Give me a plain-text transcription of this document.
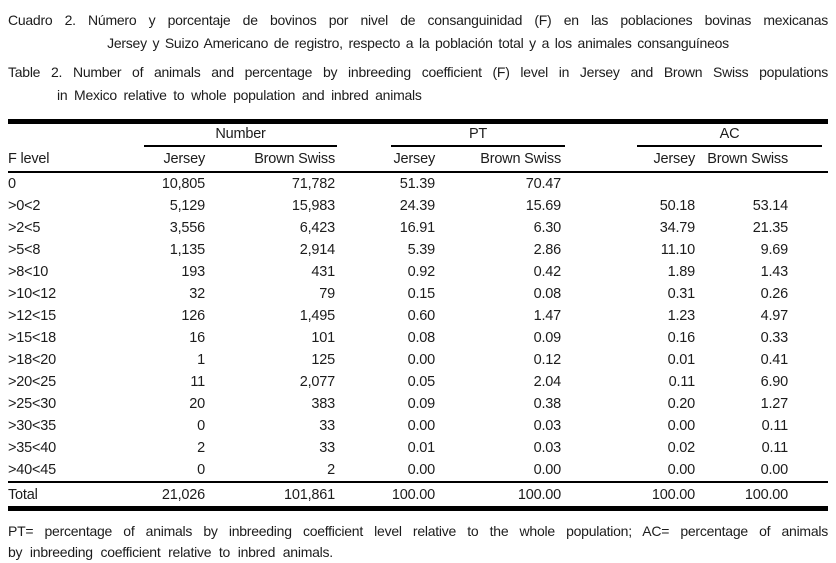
Cuadro 2. Número y porcentaje de bovinos por nivel de consanguinidad (F) en las poblaciones bovinas mexicanas
Jersey y Suizo Americano de registro, respecto a la población total y a los animales consanguíneos
Table 2. Number of animals and percentage by inbreeding coefficient (F) level in Jersey and Brown Swiss populations
in Mexico relative to whole population and inbred animals

	Number			PT			AC	

F level	Jersey	Brown Swiss		Jersey	Brown Swiss		Jersey	Brown Swiss
0	10,805	71,782		51.39	70.47			
>0<2	5,129	15,983		24.39	15.69		50.18	53.14
>2<5	3,556	6,423		16.91	6.30		34.79	21.35
>5<8	1,135	2,914		5.39	2.86		11.10	9.69
>8<10	193	431		0.92	0.42		1.89	1.43
>10<12	32	79		0.15	0.08		0.31	0.26
>12<15	126	1,495		0.60	1.47		1.23	4.97
>15<18	16	101		0.08	0.09		0.16	0.33
>18<20	1	125		0.00	0.12		0.01	0.41
>20<25	11	2,077		0.05	2.04		0.11	6.90
>25<30	20	383		0.09	0.38		0.20	1.27
>30<35	0	33		0.00	0.03		0.00	0.11
>35<40	2	33		0.01	0.03		0.02	0.11
>40<45	0	2		0.00	0.00		0.00	0.00
Total	21,026	101,861		100.00	100.00		100.00	100.00
PT= percentage of animals by inbreeding coefficient level relative to the whole population; AC= percentage of animals
by inbreeding coefficient relative to inbred animals.
